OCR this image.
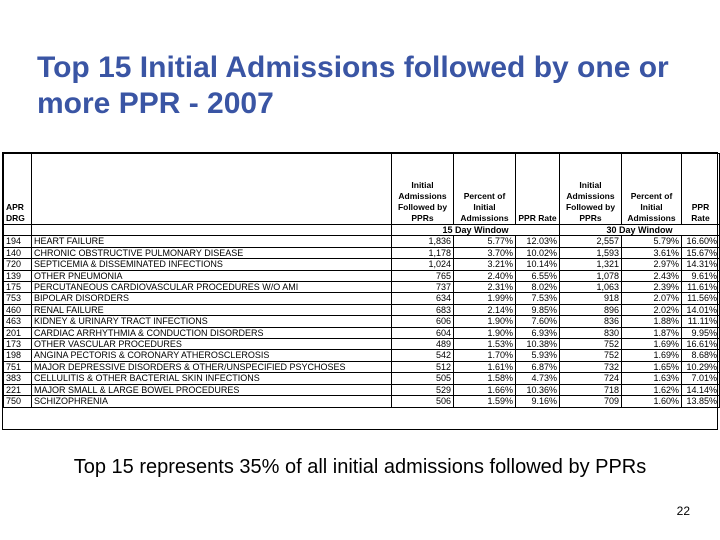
Top 15 Initial Admissions followed by one or more PPR - 2007
APR DRG		Initial Admissions Followed by PPRs	Percent of Initial Admissions	PPR Rate	Initial Admissions Followed by PPRs	Percent of Initial Admissions	PPR Rate
		15 Day Window			30 Day Window		
194	HEART FAILURE	1,836	5.77%	12.03%	2,557	5.79%	16.60%
140	CHRONIC OBSTRUCTIVE PULMONARY DISEASE	1,178	3.70%	10.02%	1,593	3.61%	15.67%
720	SEPTICEMIA & DISSEMINATED INFECTIONS	1,024	3.21%	10.14%	1,321	2.97%	14.31%
139	OTHER PNEUMONIA	765	2.40%	6.55%	1,078	2.43%	9.61%
175	PERCUTANEOUS CARDIOVASCULAR PROCEDURES W/O AMI	737	2.31%	8.02%	1,063	2.39%	11.61%
753	BIPOLAR DISORDERS	634	1.99%	7.53%	918	2.07%	11.56%
460	RENAL FAILURE	683	2.14%	9.85%	896	2.02%	14.01%
463	KIDNEY & URINARY TRACT INFECTIONS	606	1.90%	7.60%	836	1.88%	11.11%
201	CARDIAC ARRHYTHMIA & CONDUCTION DISORDERS	604	1.90%	6.93%	830	1.87%	9.95%
173	OTHER VASCULAR PROCEDURES	489	1.53%	10.38%	752	1.69%	16.61%
198	ANGINA PECTORIS & CORONARY ATHEROSCLEROSIS	542	1.70%	5.93%	752	1.69%	8.68%
751	MAJOR DEPRESSIVE DISORDERS & OTHER/UNSPECIFIED PSYCHOSES	512	1.61%	6.87%	732	1.65%	10.29%
383	CELLULITIS & OTHER BACTERIAL SKIN INFECTIONS	505	1.58%	4.73%	724	1.63%	7.01%
221	MAJOR SMALL & LARGE BOWEL PROCEDURES	529	1.66%	10.36%	718	1.62%	14.14%
750	SCHIZOPHRENIA	506	1.59%	9.16%	709	1.60%	13.85%
Top 15 represents 35% of all initial admissions followed by PPRs
22
